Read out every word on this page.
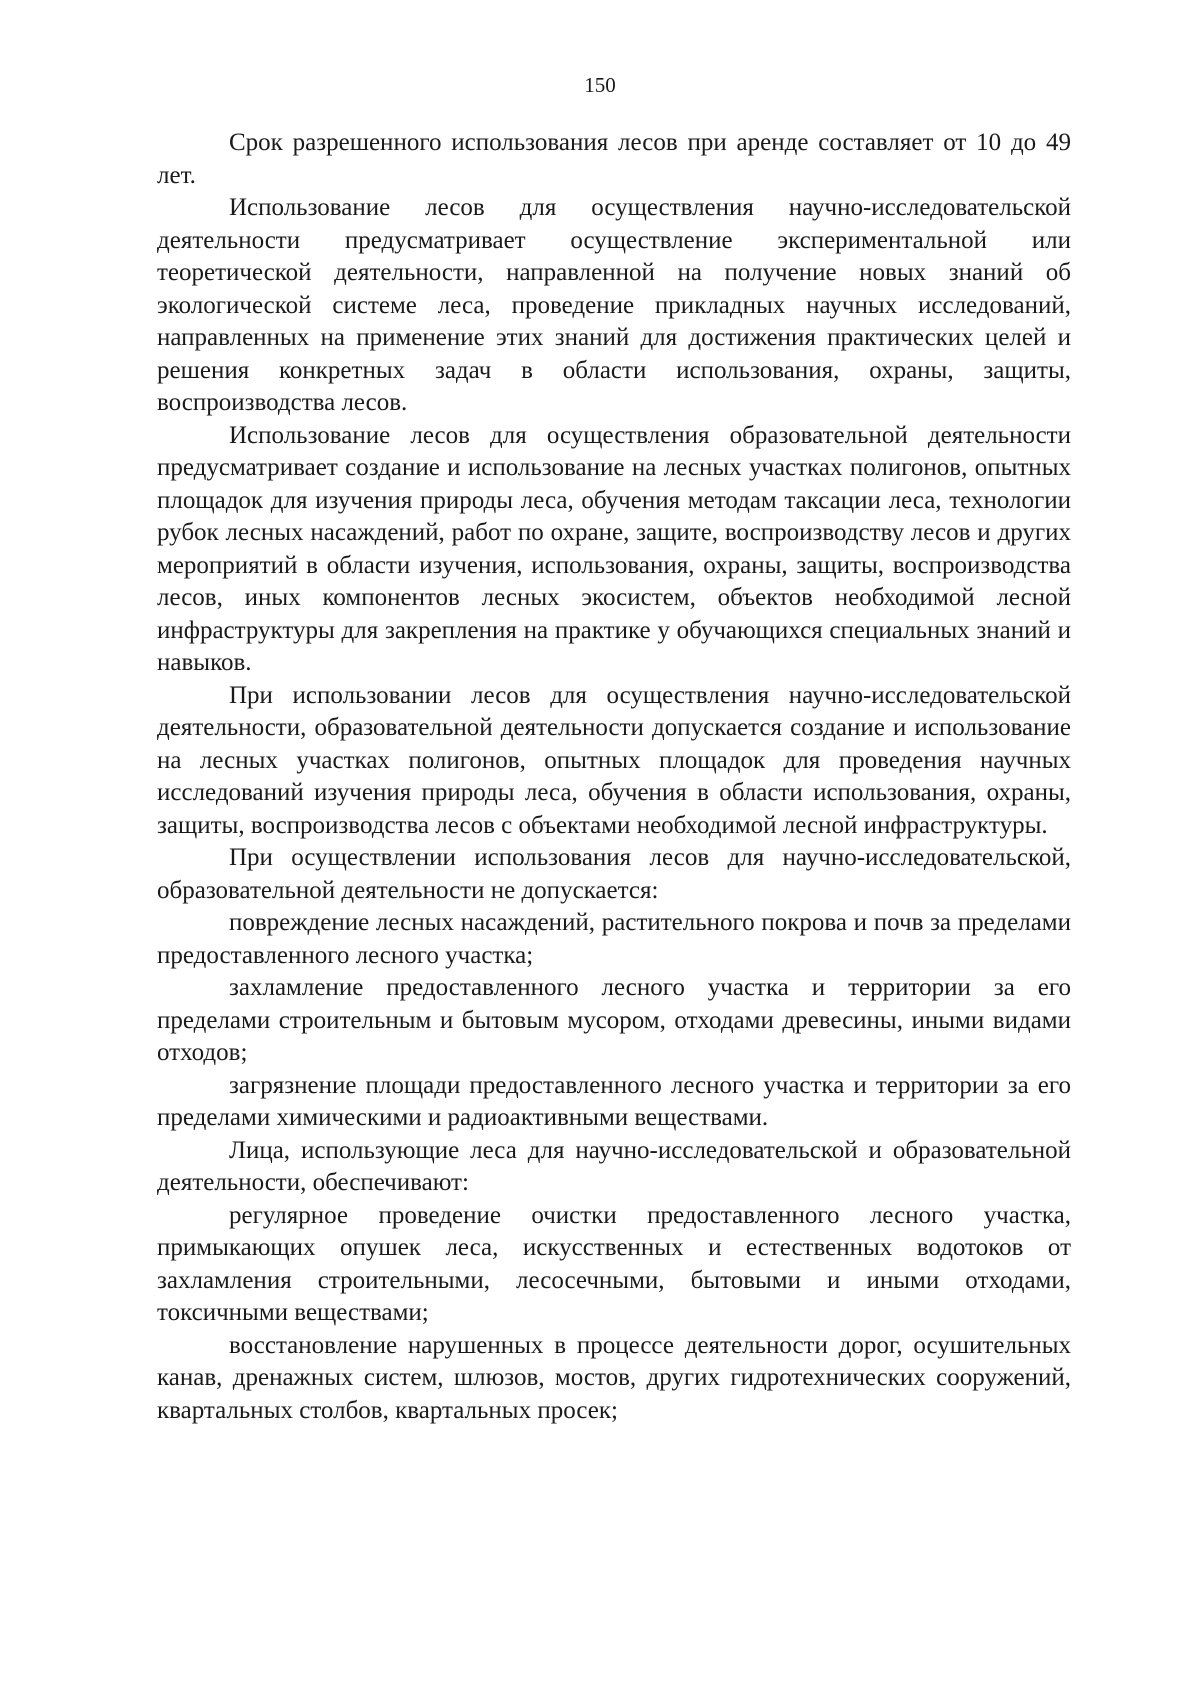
150

Срок разрешенного использования лесов при аренде составляет от 10 до 49 лет.

Использование лесов для осуществления научно-исследовательской деятельности предусматривает осуществление экспериментальной или теоретической деятельности, направленной на получение новых знаний об экологической системе леса, проведение прикладных научных исследований, направленных на применение этих знаний для достижения практических целей и решения конкретных задач в области использования, охраны, защиты, воспроизводства лесов.

Использование лесов для осуществления образовательной деятельности предусматривает создание и использование на лесных участках полигонов, опытных площадок для изучения природы леса, обучения методам таксации леса, технологии рубок лесных насаждений, работ по охране, защите, воспроизводству лесов и других мероприятий в области изучения, использования, охраны, защиты, воспроизводства лесов, иных компонентов лесных экосистем, объектов необходимой лесной инфраструктуры для закрепления на практике у обучающихся специальных знаний и навыков.

При использовании лесов для осуществления научно-исследовательской деятельности, образовательной деятельности допускается создание и использование на лесных участках полигонов, опытных площадок для проведения научных исследований изучения природы леса, обучения в области использования, охраны, защиты, воспроизводства лесов с объектами необходимой лесной инфраструктуры.

При осуществлении использования лесов для научно-исследовательской, образовательной деятельности не допускается:

повреждение лесных насаждений, растительного покрова и почв за пределами предоставленного лесного участка;

захламление предоставленного лесного участка и территории за его пределами строительным и бытовым мусором, отходами древесины, иными видами отходов;

загрязнение площади предоставленного лесного участка и территории за его пределами химическими и радиоактивными веществами.

Лица, использующие леса для научно-исследовательской и образовательной деятельности, обеспечивают:

регулярное проведение очистки предоставленного лесного участка, примыкающих опушек леса, искусственных и естественных водотоков от захламления строительными, лесосечными, бытовыми и иными отходами, токсичными веществами;

восстановление нарушенных в процессе деятельности дорог, осушительных канав, дренажных систем, шлюзов, мостов, других гидротехнических сооружений, квартальных столбов, квартальных просек;
